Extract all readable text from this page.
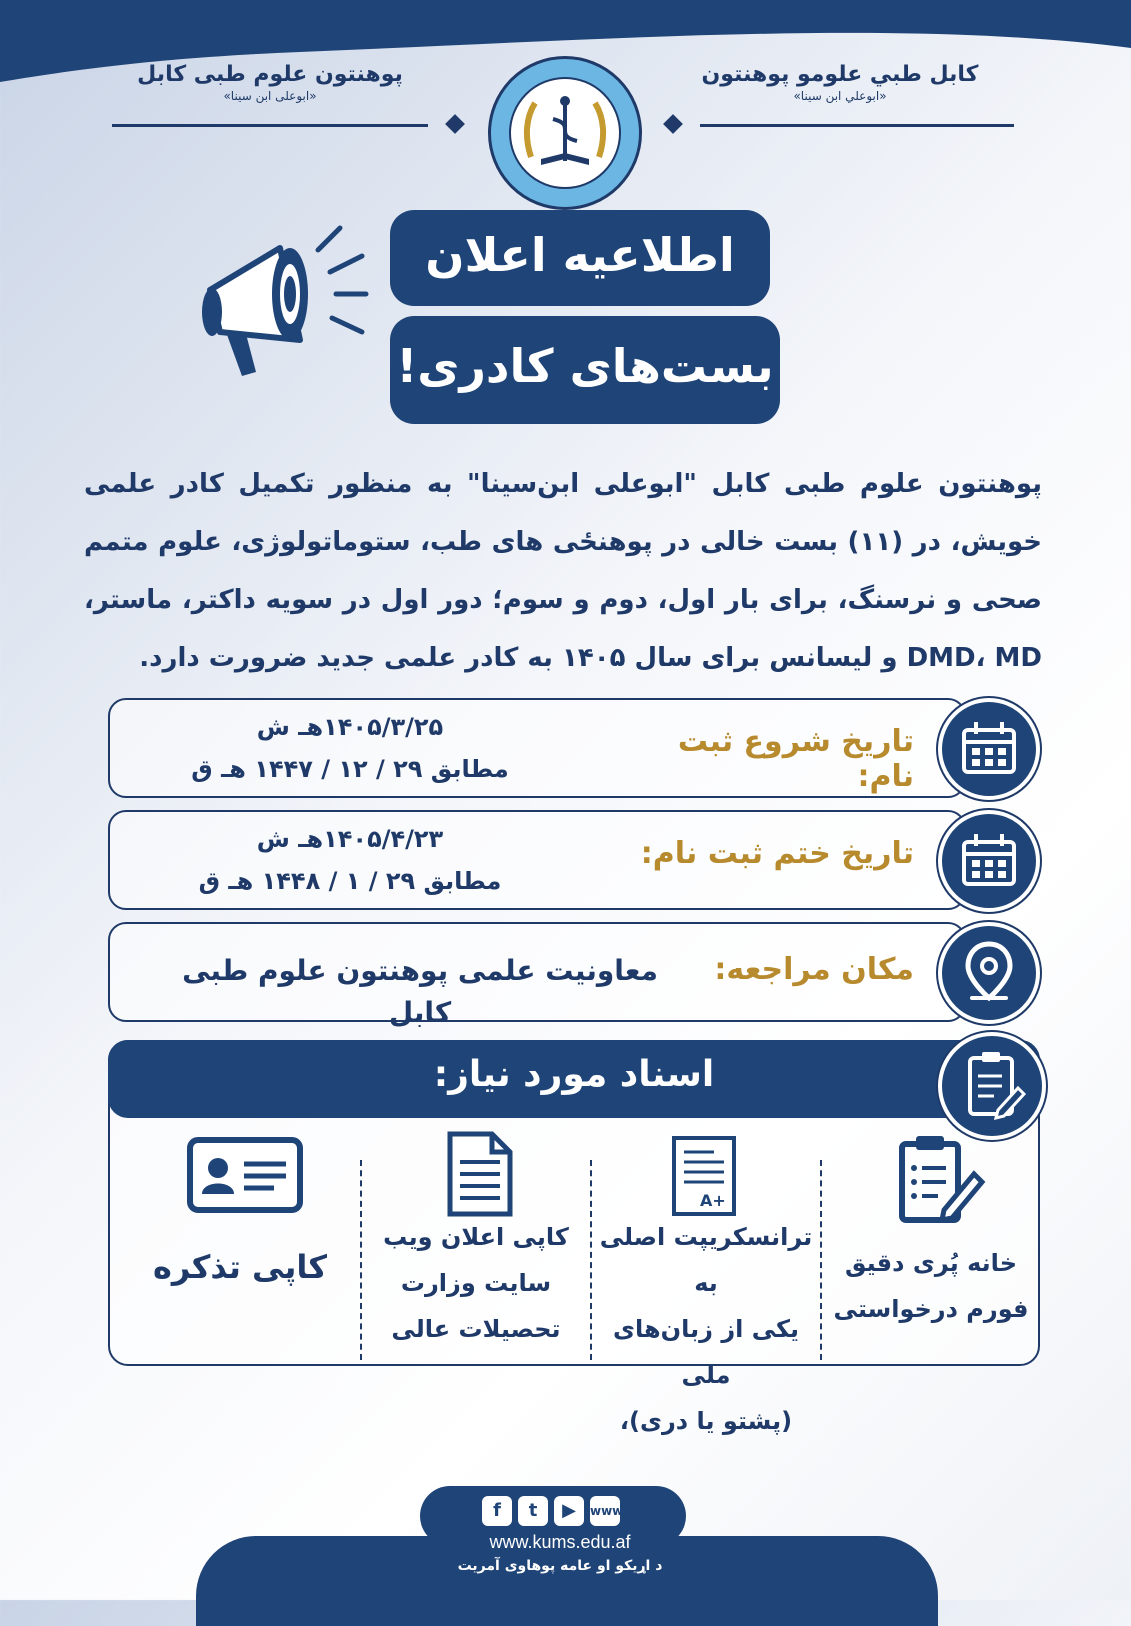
کابل طبي علومو پوهنتون
«ابوعلي ابن سینا»
پوهنتون علوم طبی کابل
«ابوعلی ابن سینا»
اطلاعیه اعلان
بست‌های کادری!
پوهنتون علوم طبی کابل "ابوعلی ابن‌سینا" به منظور تکمیل کادر علمی خویش، در (۱۱) بست خالی در پوهنځی های طب، ستوماتولوژی، علوم متمم صحی و نرسنگ، برای بار اول، دوم و سوم؛ دور اول در سویه داکتر، ماستر، DMD، MD و لیسانس برای سال ۱۴۰۵ به کادر علمی جدید ضرورت دارد.
تاریخ شروع ثبت نام:
۱۴۰۵/۳/۲۵هـ ش
مطابق ۲۹ / ۱۲ / ۱۴۴۷ هـ ق
تاریخ ختم ثبت نام:
۱۴۰۵/۴/۲۳هـ ش
مطابق ۲۹ / ۱ / ۱۴۴۸ هـ ق
مکان مراجعه:
معاونیت علمی پوهنتون علوم طبی کابل
اسناد مورد نیاز:
A+
خانه پُری دقیق
فورم درخواستی
ترانسکریپت اصلی به
یکی از زبان‌های ملی
(پشتو یا دری)،
کاپی اعلان ویب
سایت وزارت
تحصیلات عالی
کاپی تذکره
f	t	▶	www
www.kums.edu.af
د اړیکو او عامه پوهاوی آمریت
